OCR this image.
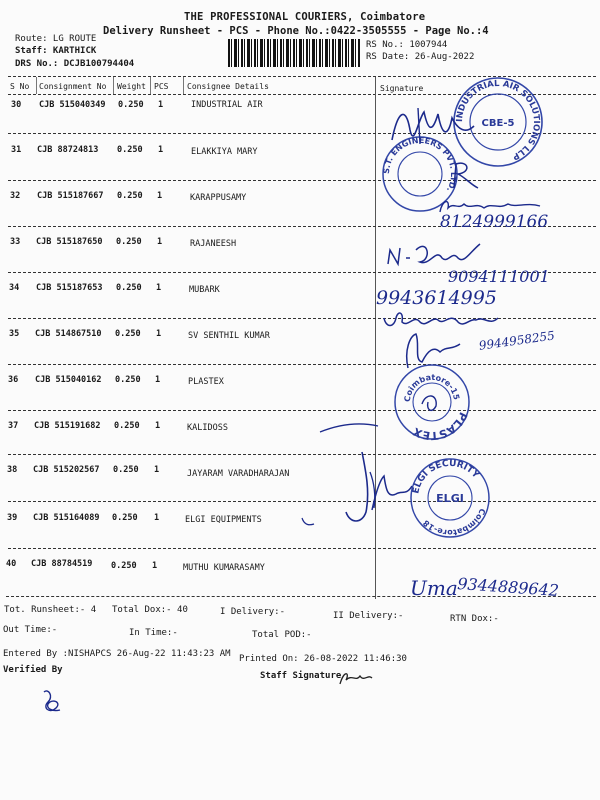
THE PROFESSIONAL COURIERS, Coimbatore
Delivery Runsheet - PCS - Phone No.:0422-3505555 - Page No.:4
Route: LG ROUTE
Staff: KARTHICK
DRS No.: DCJB100794404
RS No.: 1007944
RS Date: 26-Aug-2022
S No Consignment No Weight PCS Consignee Details	Signature
30 CJB 515040349 0.250 1	INDUSTRIAL AIR
31 CJB 88724813 0.250 1	ELAKKIYA MARY
32 CJB 515187667 0.250 1	KARAPPUSAMY
33 CJB 515187650 0.250 1	RAJANEESH
34 CJB 515187653 0.250 1	MUBARK
35 CJB 514867510 0.250 1	SV SENTHIL KUMAR
36 CJB 515040162 0.250 1	PLASTEX
37 CJB 515191682 0.250 1	KALIDOSS
38 CJB 515202567 0.250 1	JAYARAM VARADHARAJAN
39 CJB 515164089 0.250 1	ELGI EQUIPMENTS
40 CJB 88784519 0.250 1	MUTHU KUMARASAMY
INDUSTRIAL AIR SOLUTIONS LLP
CBE-5
S.T. ENGINEERS PVT. LTD.
8124999166
9094111001
9943614995
9944958255
Coimbatore-15
PLASTEX
ELGI SECURITY
Coimbatore-18
ELGI
Uma
9344889642
Tot. Runsheet:- 4 Total Dox:- 40	I Delivery:-	II Delivery:-	RTN Dox:-
Out Time:-	In Time:-	Total POD:-
Entered By :NISHAPCS 26-Aug-22 11:43:23 AM Printed On: 26-08-2022 11:46:30
Verified By
Staff Signature
